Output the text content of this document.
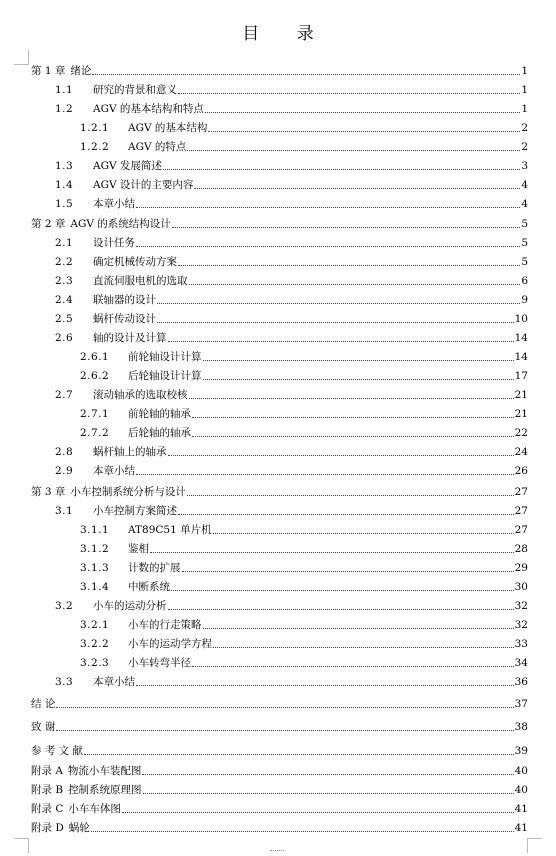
目 录
第 1 章 绪论	1
1.1	研究的背景和意义	1
1.2	AGV 的基本结构和特点	1
1.2.1	AGV 的基本结构	2
1.2.2	AGV 的特点	2
1.3	AGV 发展简述	3
1.4	AGV 设计的主要内容	4
1.5	本章小结	4
第 2 章 AGV 的系统结构设计	5
2.1	设计任务	5
2.2	确定机械传动方案	5
2.3	直流伺服电机的选取	6
2.4	联轴器的设计	9
2.5	蜗杆传动设计	10
2.6	轴的设计及计算	14
2.6.1	前轮轴设计计算	14
2.6.2	后轮轴设计计算	17
2.7	滚动轴承的选取校核	21
2.7.1	前轮轴的轴承	21
2.7.2	后轮轴的轴承	22
2.8	蜗杆轴上的轴承	24
2.9	本章小结	26
第 3 章 小车控制系统分析与设计	27
3.1	小车控制方案简述	27
3.1.1	AT89C51 单片机	27
3.1.2	鉴相	28
3.1.3	计数的扩展	29
3.1.4	中断系统	30
3.2	小车的运动分析	32
3.2.1	小车的行走策略	32
3.2.2	小车的运动学方程	33
3.2.3	小车转弯半径	34
3.3	本章小结	36
结 论	37
致 谢	38
参 考 文 献	39
附录 A 物流小车装配图	40
附录 B 控制系统原理图	40
附录 C 小车车体图	41
附录 D 蜗轮	41
